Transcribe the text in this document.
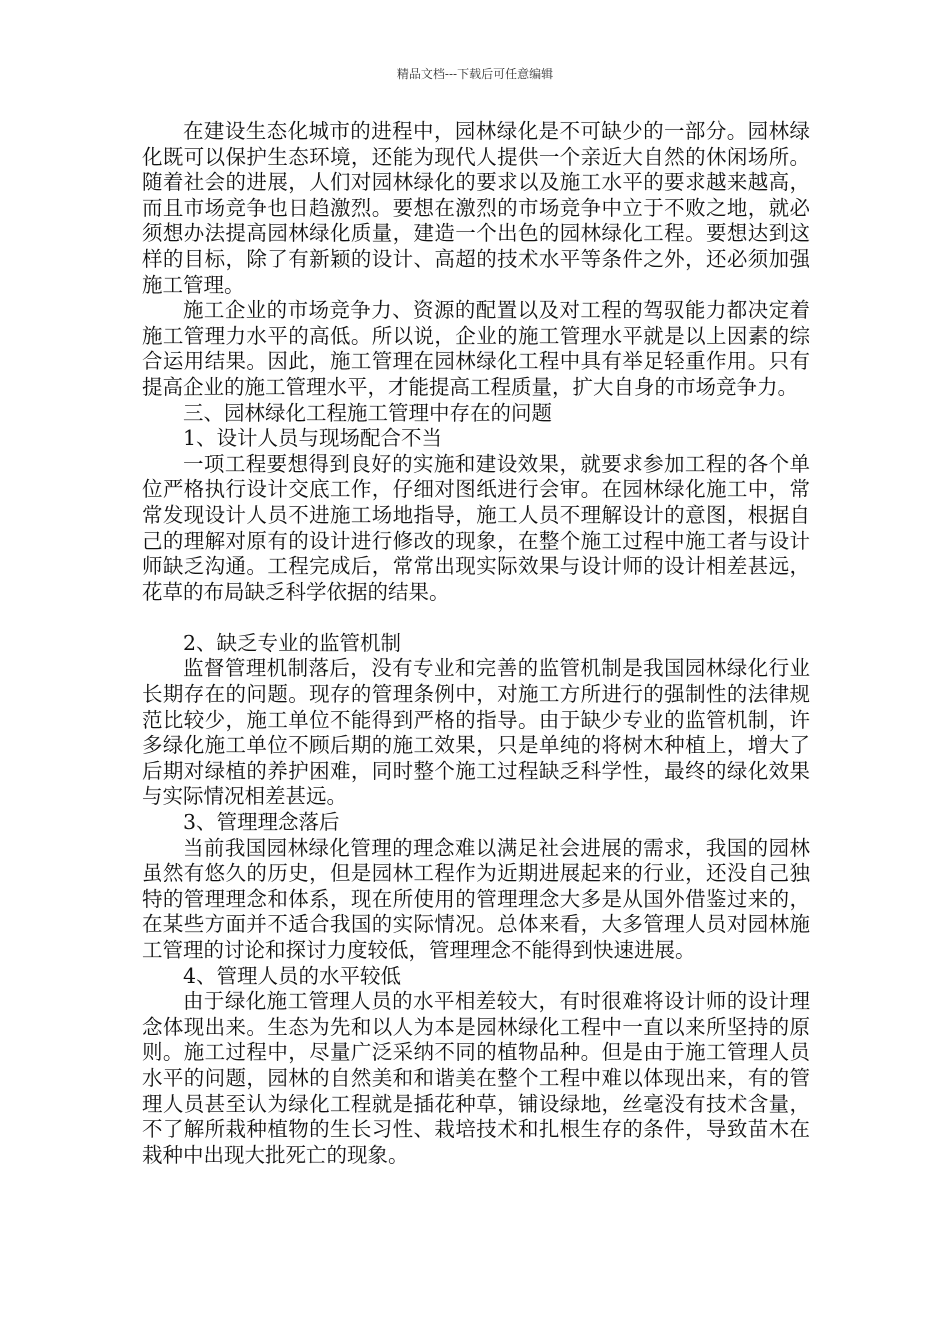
精品文档---下载后可任意编辑

在建设生态化城市的进程中，园林绿化是不可缺少的一部分。园林绿化既可以保护生态环境，还能为现代人提供一个亲近大自然的休闲场所。随着社会的进展，人们对园林绿化的要求以及施工水平的要求越来越高，而且市场竞争也日趋激烈。要想在激烈的市场竞争中立于不败之地，就必须想办法提高园林绿化质量，建造一个出色的园林绿化工程。要想达到这样的目标，除了有新颖的设计、高超的技术水平等条件之外，还必须加强施工管理。

施工企业的市场竞争力、资源的配置以及对工程的驾驭能力都决定着施工管理力水平的高低。所以说，企业的施工管理水平就是以上因素的综合运用结果。因此，施工管理在园林绿化工程中具有举足轻重作用。只有提高企业的施工管理水平，才能提高工程质量，扩大自身的市场竞争力。

三、园林绿化工程施工管理中存在的问题

1、设计人员与现场配合不当

一项工程要想得到良好的实施和建设效果，就要求参加工程的各个单位严格执行设计交底工作，仔细对图纸进行会审。在园林绿化施工中，常常发现设计人员不进施工场地指导，施工人员不理解设计的意图，根据自己的理解对原有的设计进行修改的现象，在整个施工过程中施工者与设计师缺乏沟通。工程完成后，常常出现实际效果与设计师的设计相差甚远，花草的布局缺乏科学依据的结果。

2、缺乏专业的监管机制

监督管理机制落后，没有专业和完善的监管机制是我国园林绿化行业长期存在的问题。现存的管理条例中，对施工方所进行的强制性的法律规范比较少，施工单位不能得到严格的指导。由于缺少专业的监管机制，许多绿化施工单位不顾后期的施工效果，只是单纯的将树木种植上，增大了后期对绿植的养护困难，同时整个施工过程缺乏科学性，最终的绿化效果与实际情况相差甚远。

3、管理理念落后

当前我国园林绿化管理的理念难以满足社会进展的需求，我国的园林虽然有悠久的历史，但是园林工程作为近期进展起来的行业，还没自己独特的管理理念和体系，现在所使用的管理理念大多是从国外借鉴过来的，在某些方面并不适合我国的实际情况。总体来看，大多管理人员对园林施工管理的讨论和探讨力度较低，管理理念不能得到快速进展。

4、管理人员的水平较低

由于绿化施工管理人员的水平相差较大，有时很难将设计师的设计理念体现出来。生态为先和以人为本是园林绿化工程中一直以来所坚持的原则。施工过程中，尽量广泛采纳不同的植物品种。但是由于施工管理人员水平的问题，园林的自然美和和谐美在整个工程中难以体现出来，有的管理人员甚至认为绿化工程就是插花种草，铺设绿地，丝毫没有技术含量，不了解所栽种植物的生长习性、栽培技术和扎根生存的条件，导致苗木在栽种中出现大批死亡的现象。
